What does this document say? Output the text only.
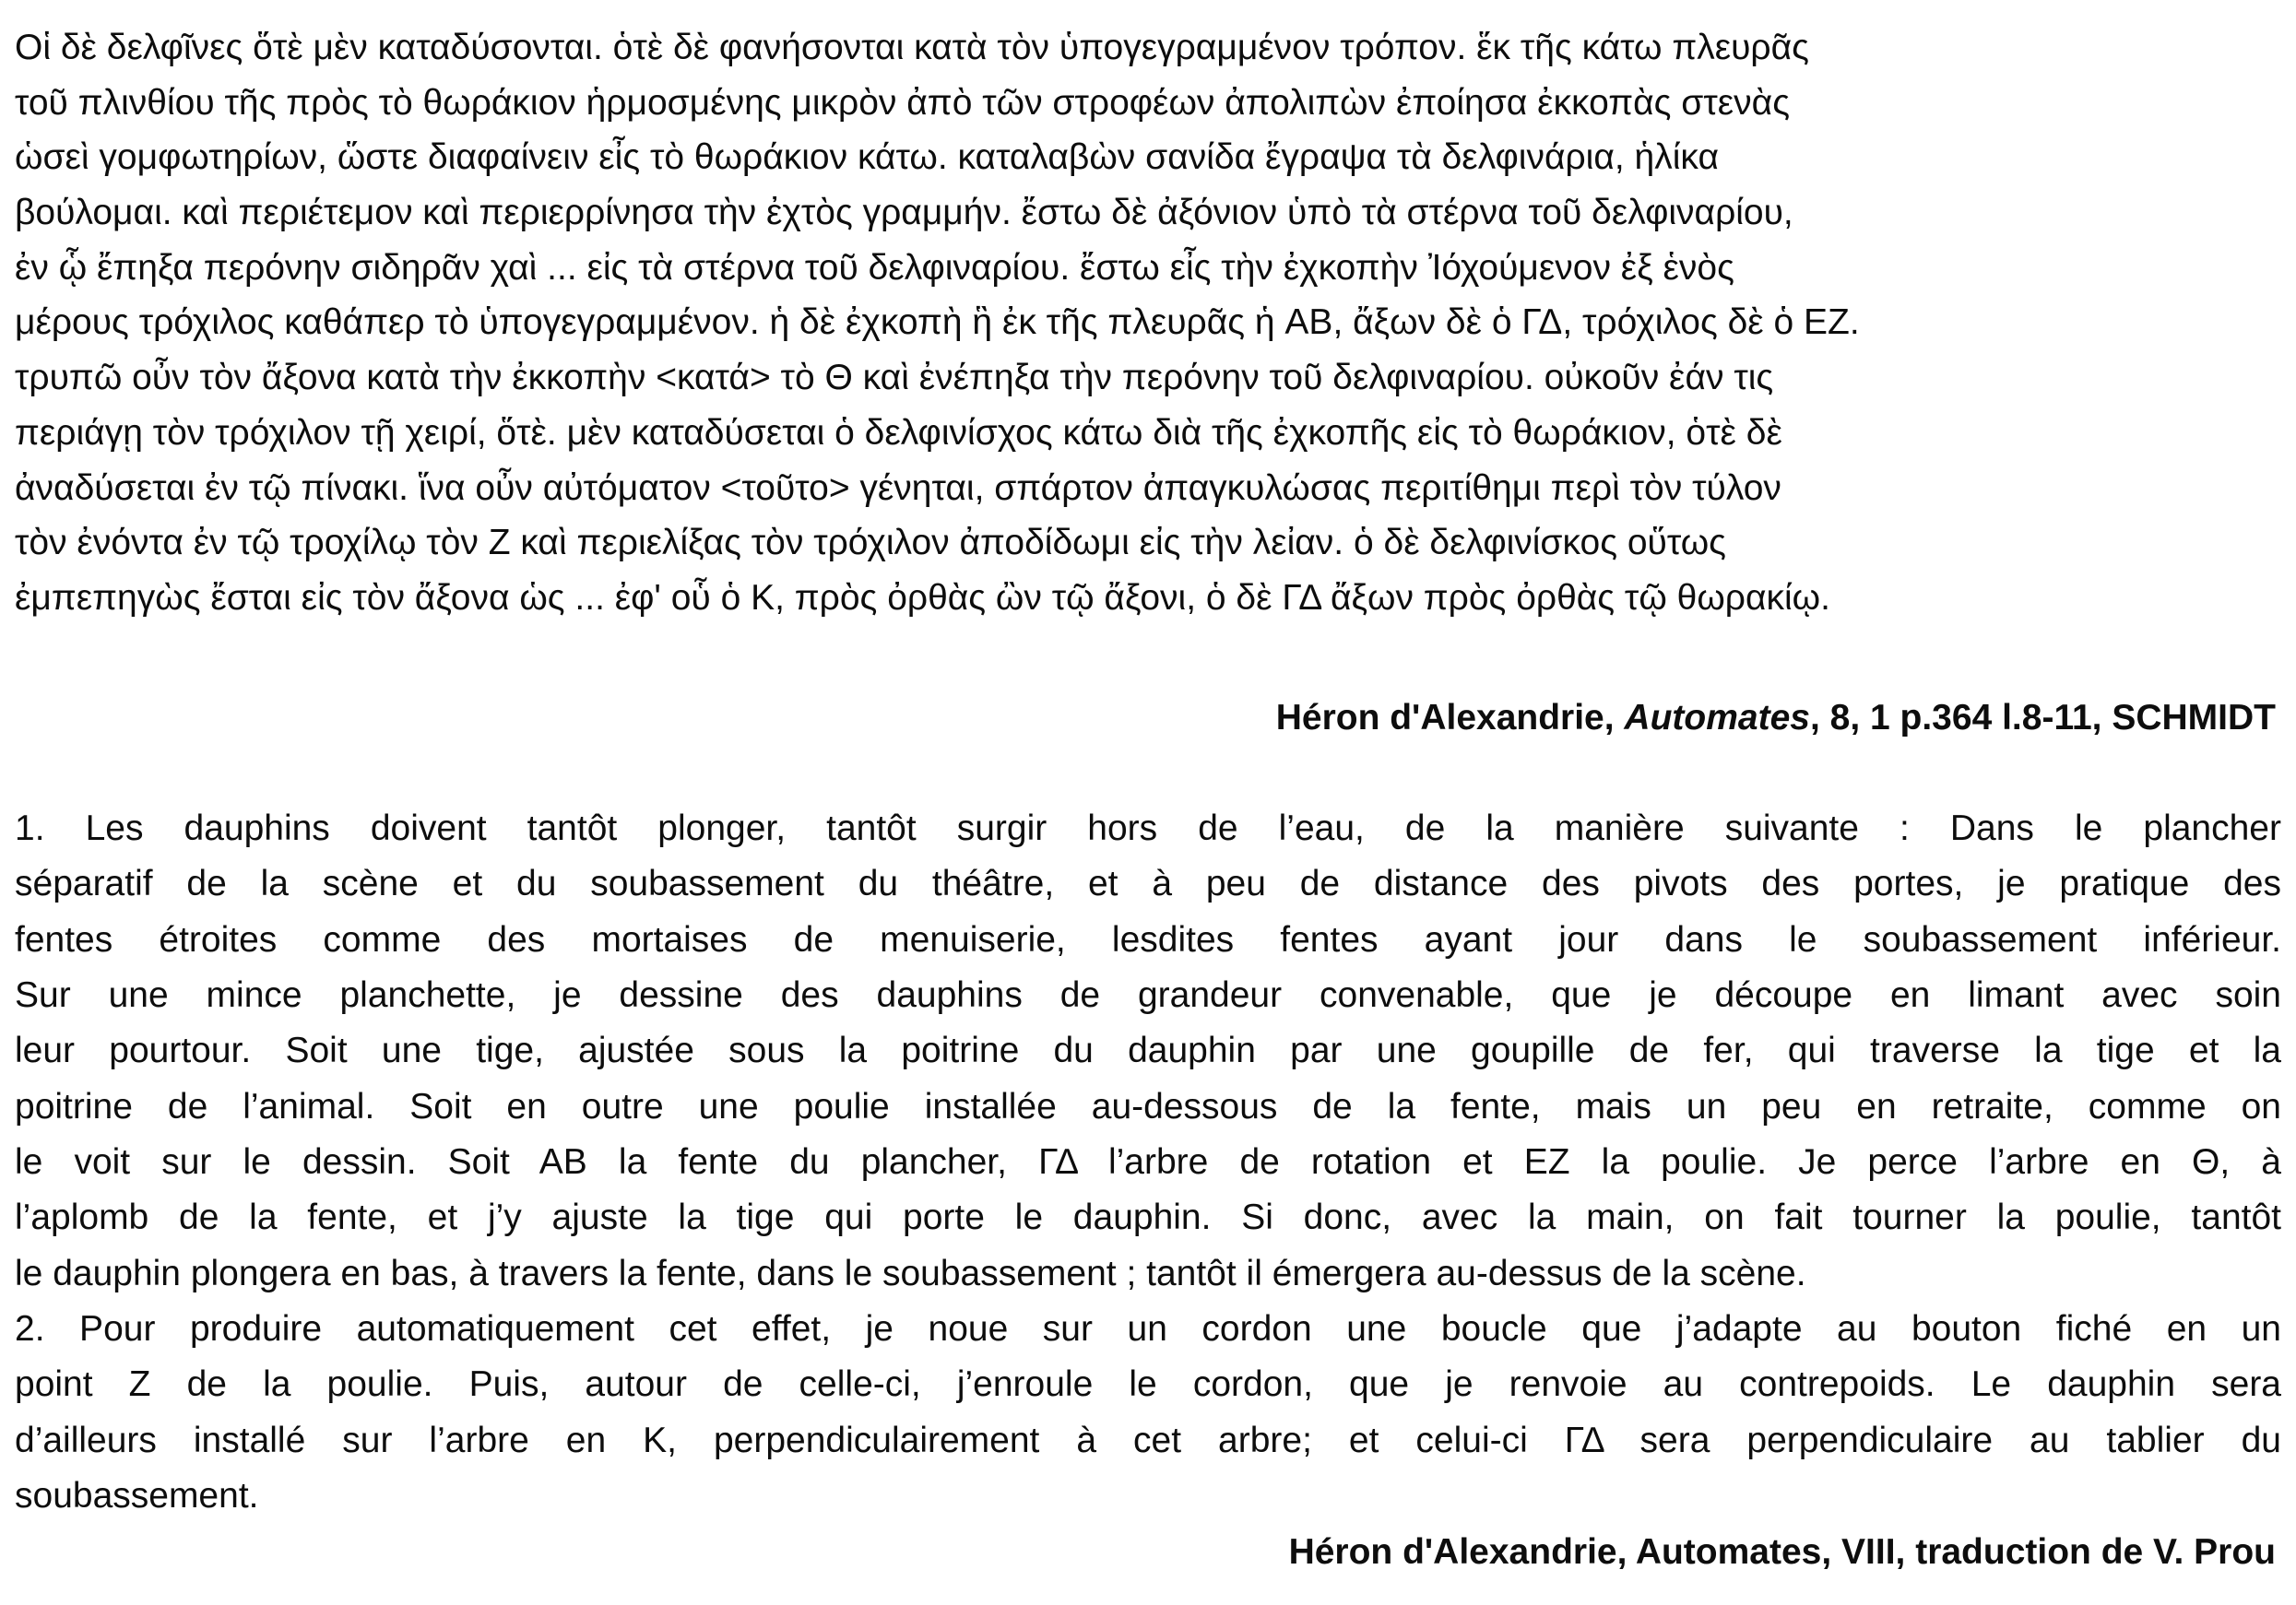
Οἱ δὲ δελφῖνες ὅτὲ μὲν καταδύσονται. ὁτὲ δὲ φανήσονται κατὰ τὸν ὑπογεγραμμένον τρόπον. ἕκ τῆς κάτω πλευρᾶς
τοῦ πλινθίου τῆς πρὸς τὸ θωράκιον ἡρμοσμένης μικρὸν ἀπὸ τῶν στροφέων ἀπολιπὼν ἐποίησα ἐκκοπὰς στενὰς
ὡσεὶ γομφωτηρίων, ὥστε διαφαίνειν εἶς τὸ θωράκιον κάτω. καταλαβὼν σανίδα ἔγραψα τὰ δελφινάρια, ἡλίκα
βούλομαι. καὶ περιέτεμον καὶ περιερρίνησα τὴν ἐχτὸς γραμμήν. ἔστω δὲ ἀξόνιον ὑπὸ τὰ στέρνα τοῦ δελφιναρίου,
ἐν ᾧ ἔπηξα περόνην σιδηρᾶν χαὶ ... εἰς τὰ στέρνα τοῦ δελφιναρίου. ἔστω εἶς τὴν ἐχκοπὴν Ἰόχούμενον ἐξ ἑνὸς
μέρους τρόχιλος καθάπερ τὸ ὑπογεγραμμένον. ἡ δὲ ἐχκοπὴ ἣ ἐκ τῆς πλευρᾶς ἡ AB, ἄξων δὲ ὁ ΓΔ, τρόχιλος δὲ ὁ EZ.
τρυπῶ οὖν τὸν ἄξονα κατὰ τὴν ἐκκοπὴν <κατά> τὸ Θ καὶ ἐνέπηξα τὴν περόνην τοῦ δελφιναρίου. οὐκοῦν ἐάν τις
περιάγῃ τὸν τρόχιλον τῇ χειρί, ὅτὲ. μὲν καταδύσεται ὁ δελφινίσχος κάτω διὰ τῆς ἐχκοπῆς εἰς τὸ θωράκιον, ὁτὲ δὲ
ἀναδύσεται ἐν τῷ πίνακι. ἵνα οὖν αὐτόματον <τοῦτο> γένηται, σπάρτον ἀπαγκυλώσας περιτίθημι περὶ τὸν τύλον
τὸν ἐνόντα ἐν τῷ τροχίλῳ τὸν Z καὶ περιελίξας τὸν τρόχιλον ἀποδίδωμι εἰς τὴν λεἰαν. ὁ δὲ δελφινίσκος οὕτως
ἐμπεπηγὼς ἔσται εἰς τὸν ἄξονα ὡς ... ἐφ' οὗ ὁ K, πρὸς ὀρθὰς ὢν τῷ ἄξονι, ὁ δὲ ΓΔ ἄξων πρὸς ὀρθὰς τῷ θωρακίῳ.
Héron d'Alexandrie, Automates, 8, 1 p.364 l.8-11, SCHMIDT
1. Les dauphins doivent tantôt plonger, tantôt surgir hors de l’eau, de la manière suivante : Dans le plancher
séparatif de la scène et du soubassement du théâtre, et à peu de distance des pivots des portes, je pratique des
fentes étroites comme des mortaises de menuiserie, lesdites fentes ayant jour dans le soubassement inférieur.
Sur une mince planchette, je dessine des dauphins de grandeur convenable, que je découpe en limant avec soin
leur pourtour. Soit une tige, ajustée sous la poitrine du dauphin par une goupille de fer, qui traverse la tige et la
poitrine de l’animal. Soit en outre une poulie installée au-dessous de la fente, mais un peu en retraite, comme on
le voit sur le dessin. Soit AB la fente du plancher, ΓΔ l’arbre de rotation et EZ la poulie. Je perce l’arbre en Θ, à
l’aplomb de la fente, et j’y ajuste la tige qui porte le dauphin. Si donc, avec la main, on fait tourner la poulie, tantôt
le dauphin plongera en bas, à travers la fente, dans le soubassement ; tantôt il émergera au-dessus de la scène.
2. Pour produire automatiquement cet effet, je noue sur un cordon une boucle que j’adapte au bouton fiché en un
point Z de la poulie. Puis, autour de celle-ci, j’enroule le cordon, que je renvoie au contrepoids. Le dauphin sera
d’ailleurs installé sur l’arbre en K, perpendiculairement à cet arbre; et celui-ci ΓΔ sera perpendiculaire au tablier du
soubassement.
Héron d'Alexandrie, Automates, VIII, traduction de V. Prou
